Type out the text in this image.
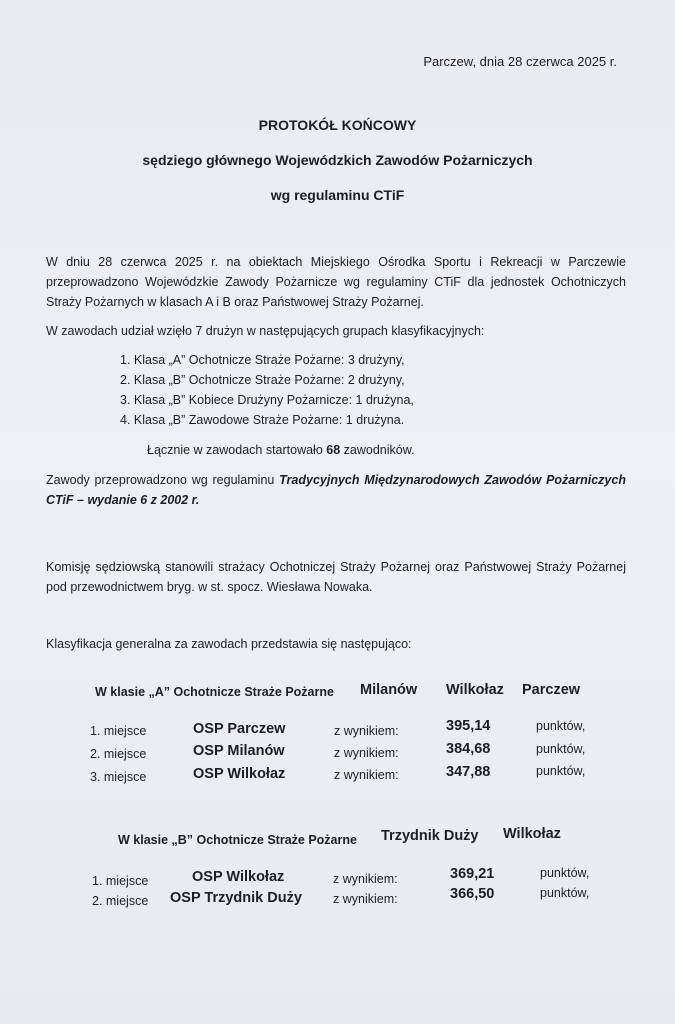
Parczew, dnia 28 czerwca 2025 r.
PROTOKÓŁ KOŃCOWY
sędziego głównego Wojewódzkich Zawodów Pożarniczych
wg regulaminu CTiF
W dniu 28 czerwca 2025 r. na obiektach Miejskiego Ośrodka Sportu i Rekreacji w Parczewie przeprowadzono Wojewódzkie Zawody Pożarnicze wg regulaminy CTiF dla jednostek Ochotniczych Straży Pożarnych w klasach A i B oraz Państwowej Straży Pożarnej.
W zawodach udział wzięło 7 drużyn w następujących grupach klasyfikacyjnych:
1. Klasa „A” Ochotnicze Straże Pożarne: 3 drużyny,
2. Klasa „B” Ochotnicze Straże Pożarne: 2 drużyny,
3. Klasa „B” Kobiece Drużyny Pożarnicze: 1 drużyna,
4. Klasa „B” Zawodowe Straże Pożarne: 1 drużyna.
Łącznie w zawodach startowało 68 zawodników.
Zawody przeprowadzono wg regulaminu Tradycyjnych Międzynarodowych Zawodów Pożarniczych CTiF – wydanie 6 z 2002 r.
Komisję sędziowską stanowili strażacy Ochotniczej Straży Pożarnej oraz Państwowej Straży Pożarnej pod przewodnictwem bryg. w st. spocz. Wiesława Nowaka.
Klasyfikacja generalna za zawodach przedstawia się następująco:
W klasie „A” Ochotnicze Straże Pożarne Milanów Wilkołaz Parczew
1. miejsce	OSP Parczew	z wynikiem:	395,14	punktów,
2. miejsce	OSP Milanów	z wynikiem:	384,68	punktów,
3. miejsce	OSP Wilkołaz	z wynikiem:	347,88	punktów,
W klasie „B” Ochotnicze Straże Pożarne Trzydnik Duży Wilkołaz
1. miejsce	OSP Wilkołaz	z wynikiem:	369,21	punktów,
2. miejsce OSP Trzydnik Duży z wynikiem:	366,50	punktów,
